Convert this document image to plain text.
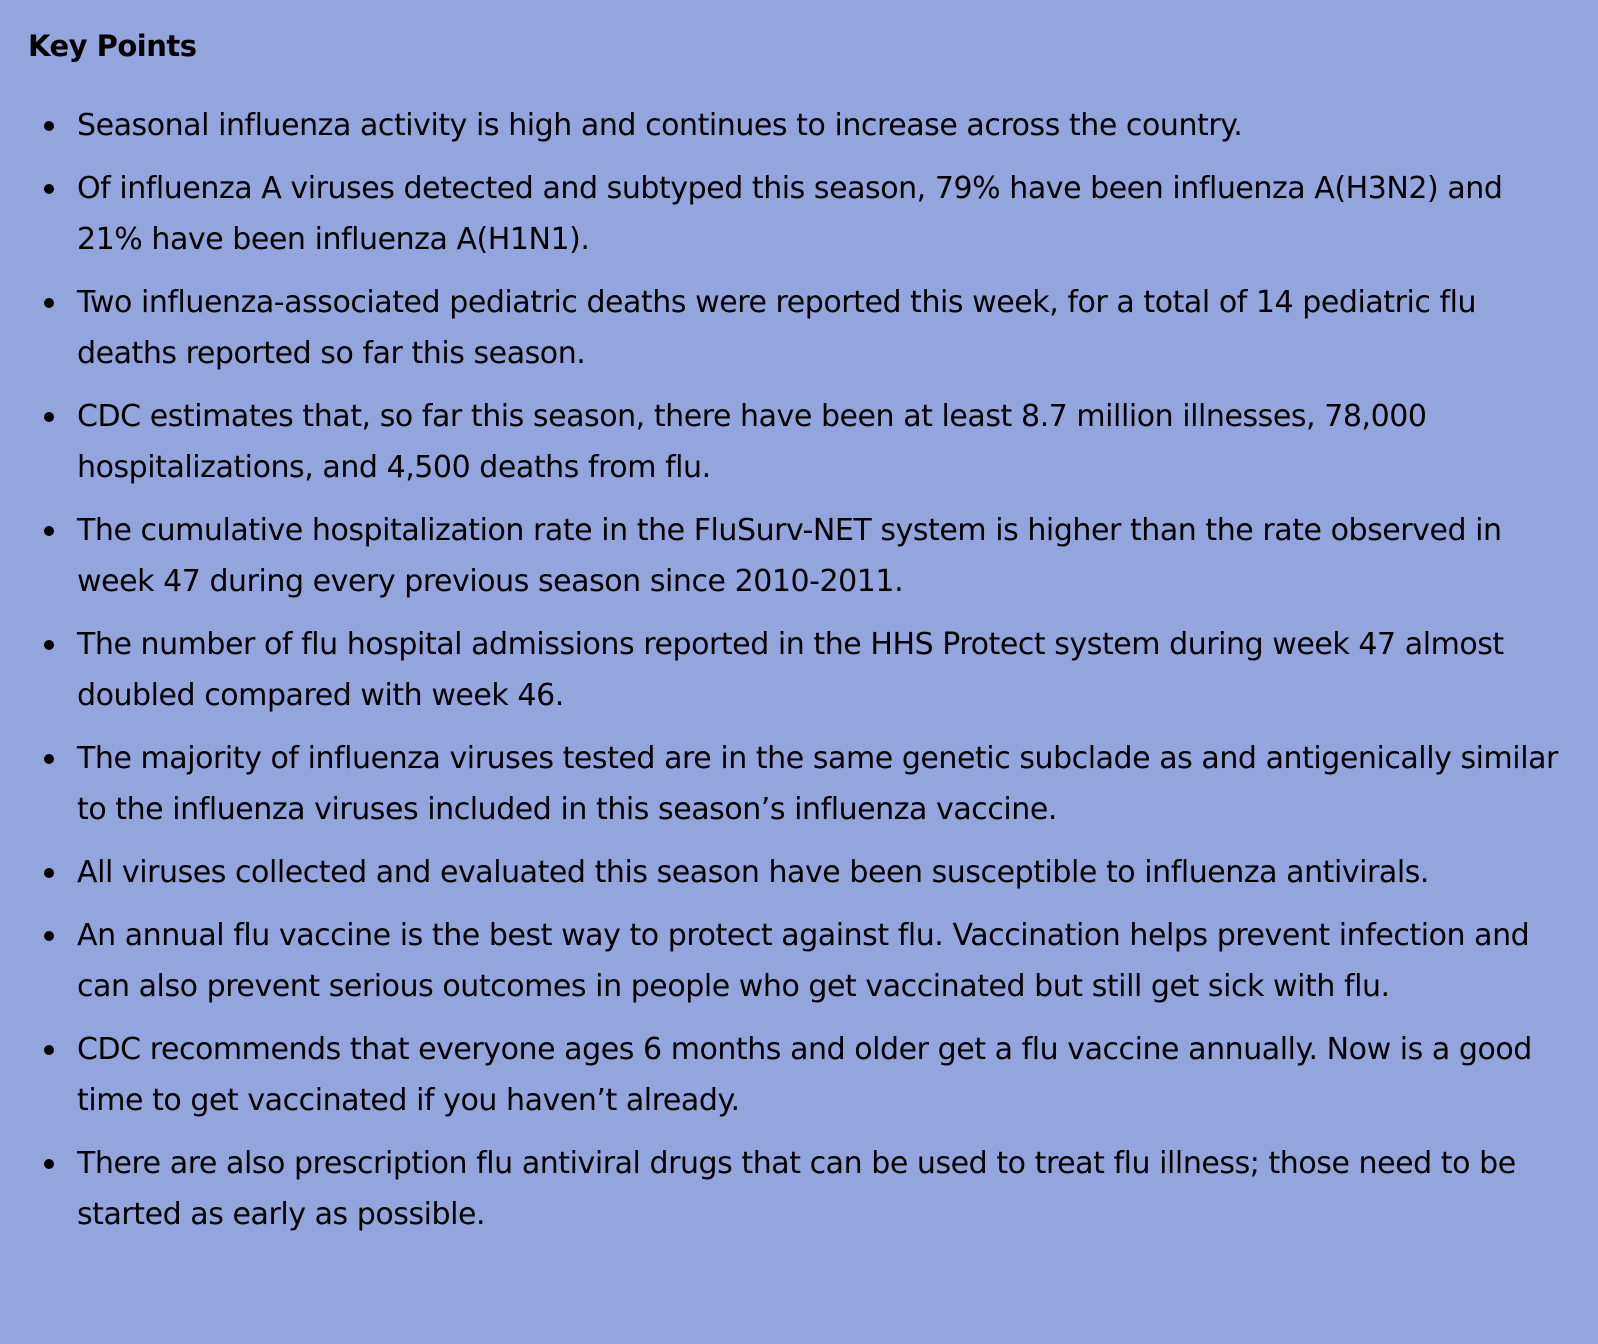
Key Points
Seasonal influenza activity is high and continues to increase across the country.
Of influenza A viruses detected and subtyped this season, 79% have been influenza A(H3N2) and 21% have been influenza A(H1N1).
Two influenza-associated pediatric deaths were reported this week, for a total of 14 pediatric flu deaths reported so far this season.
CDC estimates that, so far this season, there have been at least 8.7 million illnesses, 78,000 hospitalizations, and 4,500 deaths from flu.
The cumulative hospitalization rate in the FluSurv-NET system is higher than the rate observed in week 47 during every previous season since 2010-2011.
The number of flu hospital admissions reported in the HHS Protect system during week 47 almost doubled compared with week 46.
The majority of influenza viruses tested are in the same genetic subclade as and antigenically similar to the influenza viruses included in this season’s influenza vaccine.
All viruses collected and evaluated this season have been susceptible to influenza antivirals.
An annual flu vaccine is the best way to protect against flu. Vaccination helps prevent infection and can also prevent serious outcomes in people who get vaccinated but still get sick with flu.
CDC recommends that everyone ages 6 months and older get a flu vaccine annually. Now is a good time to get vaccinated if you haven’t already.
There are also prescription flu antiviral drugs that can be used to treat flu illness; those need to be started as early as possible.
